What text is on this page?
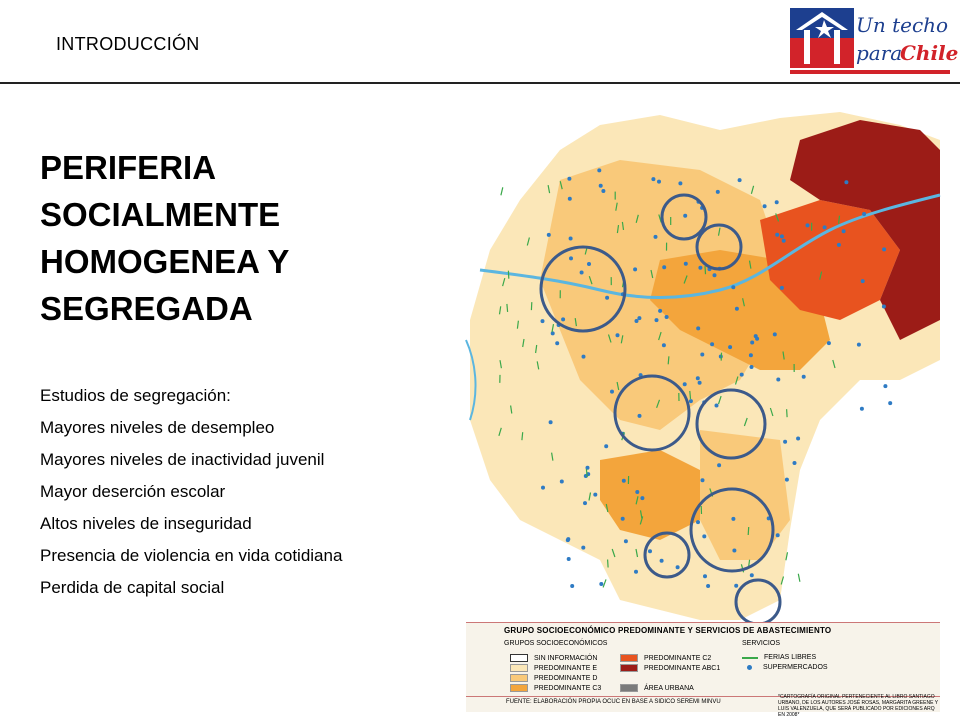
INTRODUCCIÓN
Un techo
para
Chile
PERIFERIA
SOCIALMENTE
HOMOGENEA Y
SEGREGADA
Estudios de segregación:
Mayores niveles de desempleo
Mayores niveles de inactividad juvenil
Mayor deserción escolar
Altos niveles de inseguridad
Presencia de violencia en vida cotidiana
Perdida de capital social
GRUPO SOCIOECONÓMICO PREDOMINANTE Y SERVICIOS DE ABASTECIMIENTO
GRUPOS SOCIOECONÓMICOS	SERVICIOS
SIN INFORMACIÓN
PREDOMINANTE E
PREDOMINANTE D
PREDOMINANTE C3
PREDOMINANTE C2
PREDOMINANTE ABC1
ÁREA URBANA
FERIAS LIBRES
SUPERMERCADOS
FUENTE: ELABORACIÓN PROPIA OCUC EN BASE A SIDICO SEREMI MINVU
*CARTOGRAFÍA ORIGINAL PERTENECIENTE AL LIBRO SANTIAGO URBANO, DE LOS AUTORES JOSÉ ROSAS, MARGARITA GREENE Y LUIS VALENZUELA, QUE SERÁ PUBLICADO POR EDICIONES ARQ EN 2008*
